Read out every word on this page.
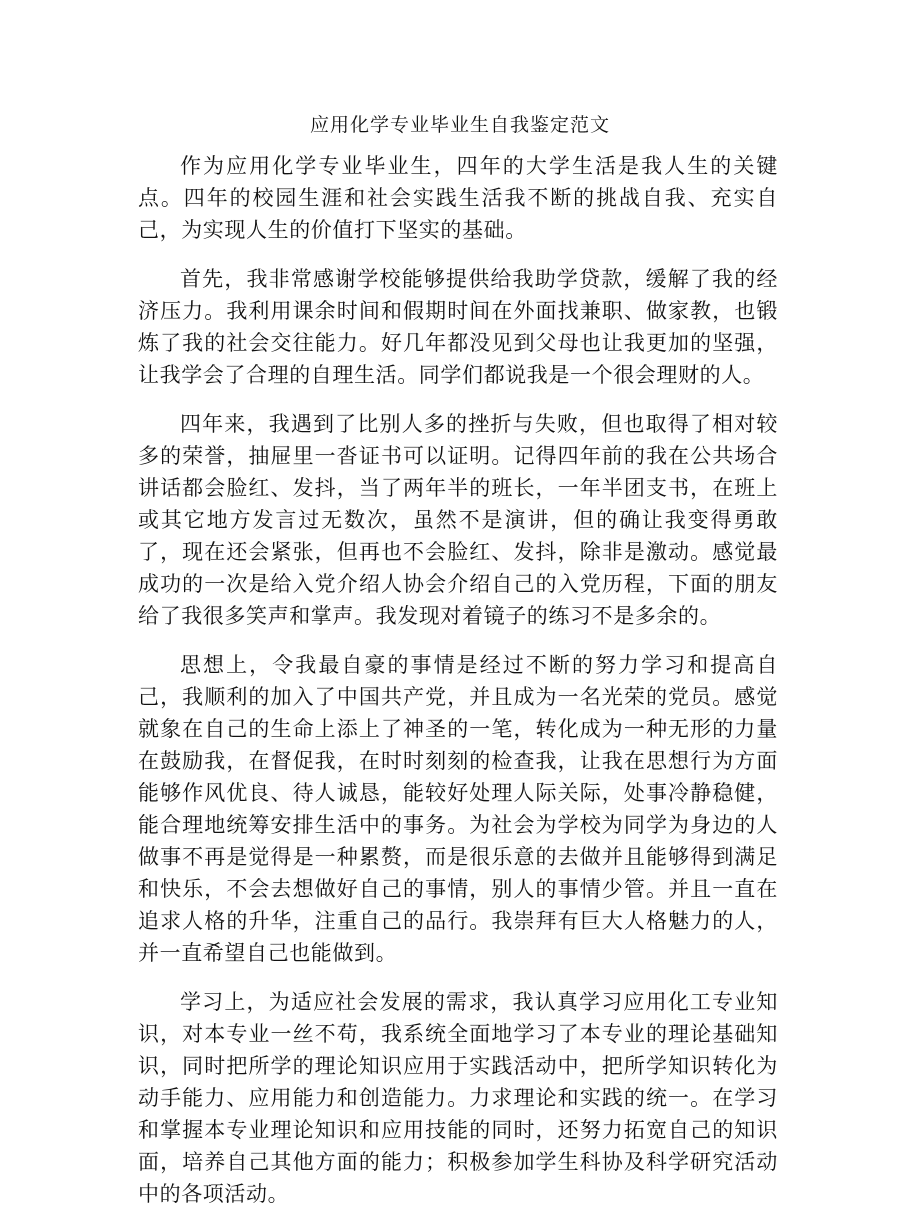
应用化学专业毕业生自我鉴定范文

作为应用化学专业毕业生，四年的大学生活是我人生的关键点。四年的校园生涯和社会实践生活我不断的挑战自我、充实自己，为实现人生的价值打下坚实的基础。

首先，我非常感谢学校能够提供给我助学贷款，缓解了我的经济压力。我利用课余时间和假期时间在外面找兼职、做家教，也锻炼了我的社会交往能力。好几年都没见到父母也让我更加的坚强，让我学会了合理的自理生活。同学们都说我是一个很会理财的人。

四年来，我遇到了比别人多的挫折与失败，但也取得了相对较多的荣誉，抽屉里一沓证书可以证明。记得四年前的我在公共场合讲话都会脸红、发抖，当了两年半的班长，一年半团支书，在班上或其它地方发言过无数次，虽然不是演讲，但的确让我变得勇敢了，现在还会紧张，但再也不会脸红、发抖，除非是激动。感觉最成功的一次是给入党介绍人协会介绍自己的入党历程，下面的朋友给了我很多笑声和掌声。我发现对着镜子的练习不是多余的。

思想上，令我最自豪的事情是经过不断的努力学习和提高自己，我顺利的加入了中国共产党，并且成为一名光荣的党员。感觉就象在自己的生命上添上了神圣的一笔，转化成为一种无形的力量在鼓励我，在督促我，在时时刻刻的检查我，让我在思想行为方面能够作风优良、待人诚恳，能较好处理人际关际，处事冷静稳健，能合理地统筹安排生活中的事务。为社会为学校为同学为身边的人做事不再是觉得是一种累赘，而是很乐意的去做并且能够得到满足和快乐，不会去想做好自己的事情，别人的事情少管。并且一直在追求人格的升华，注重自己的品行。我崇拜有巨大人格魅力的人，并一直希望自己也能做到。

学习上，为适应社会发展的需求，我认真学习应用化工专业知识，对本专业一丝不苟，我系统全面地学习了本专业的理论基础知识，同时把所学的理论知识应用于实践活动中，把所学知识转化为动手能力、应用能力和创造能力。力求理论和实践的统一。在学习和掌握本专业理论知识和应用技能的同时，还努力拓宽自己的知识面，培养自己其他方面的能力；积极参加学生科协及科学研究活动中的各项活动。
